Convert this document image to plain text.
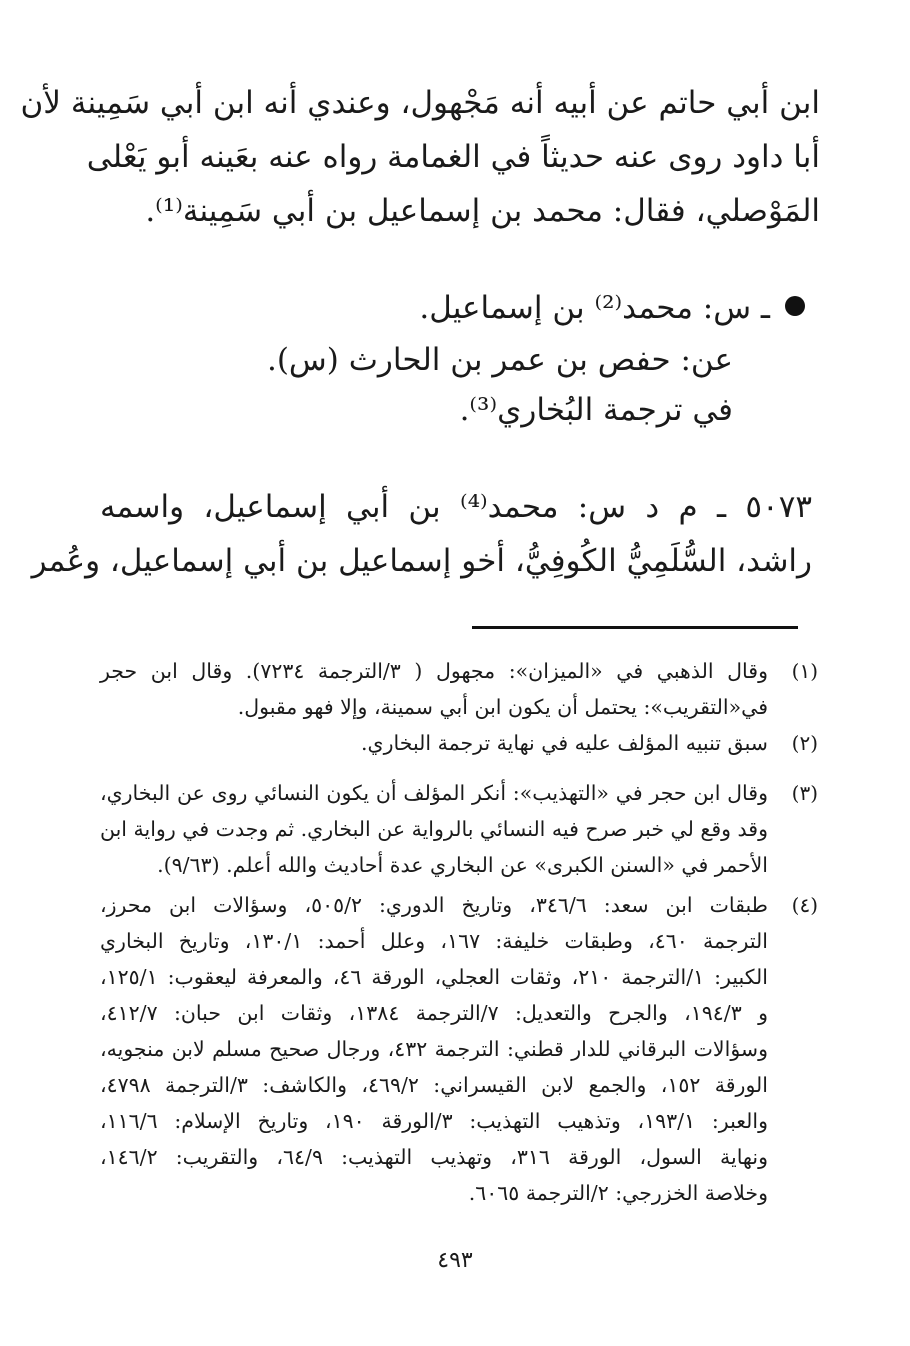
ابن أبي حاتم عن أبيه أنه مَجْهول، وعندي أنه ابن أبي سَمِينة لأن
أبا داود روى عنه حديثاً في الغمامة رواه عنه بعَينه أبو يَعْلى
المَوْصلي، فقال: محمد بن إسماعيل بن أبي سَمِينة⁽¹⁾.
ـ س: محمد⁽²⁾ بن إسماعيل.
عن: حفص بن عمر بن الحارث (س).
في ترجمة البُخاري⁽³⁾.
٥٠٧٣ ـ م د س: محمد⁽⁴⁾ بن أبي إسماعيل، واسمه
راشد، السُّلَمِيُّ الكُوفِيُّ، أخو إسماعيل بن أبي إسماعيل، وعُمر
(١)
وقال الذهبي في «الميزان»: مجهول ( ٣/الترجمة ٧٢٣٤). وقال ابن حجر
في«التقريب»: يحتمل أن يكون ابن أبي سمينة، وإلا فهو مقبول.
(٢)
سبق تنبيه المؤلف عليه في نهاية ترجمة البخاري.
(٣)
وقال ابن حجر في «التهذيب»: أنكر المؤلف أن يكون النسائي روى عن البخاري،
وقد وقع لي خبر صرح فيه النسائي بالرواية عن البخاري. ثم وجدت في رواية ابن
الأحمر في «السنن الكبرى» عن البخاري عدة أحاديث والله أعلم. (٩/٦٣).
(٤)
طبقات ابن سعد: ٣٤٦/٦، وتاريخ الدوري: ٥٠٥/٢، وسؤالات ابن محرز،
الترجمة ٤٦٠، وطبقات خليفة: ١٦٧، وعلل أحمد: ١٣٠/١، وتاريخ البخاري
الكبير: ١/الترجمة ٢١٠، وثقات العجلي، الورقة ٤٦، والمعرفة ليعقوب: ١٢٥/١،
و ١٩٤/٣، والجرح والتعديل: ٧/الترجمة ١٣٨٤، وثقات ابن حبان: ٤١٢/٧،
وسؤالات البرقاني للدار قطني: الترجمة ٤٣٢، ورجال صحيح مسلم لابن منجويه،
الورقة ١٥٢، والجمع لابن القيسراني: ٤٦٩/٢، والكاشف: ٣/الترجمة ٤٧٩٨،
والعبر: ١٩٣/١، وتذهيب التهذيب: ٣/الورقة ١٩٠، وتاريخ الإسلام: ١١٦/٦،
ونهاية السول، الورقة ٣١٦، وتهذيب التهذيب: ٦٤/٩، والتقريب: ١٤٦/٢،
وخلاصة الخزرجي: ٢/الترجمة ٦٠٦٥.
٤٩٣
